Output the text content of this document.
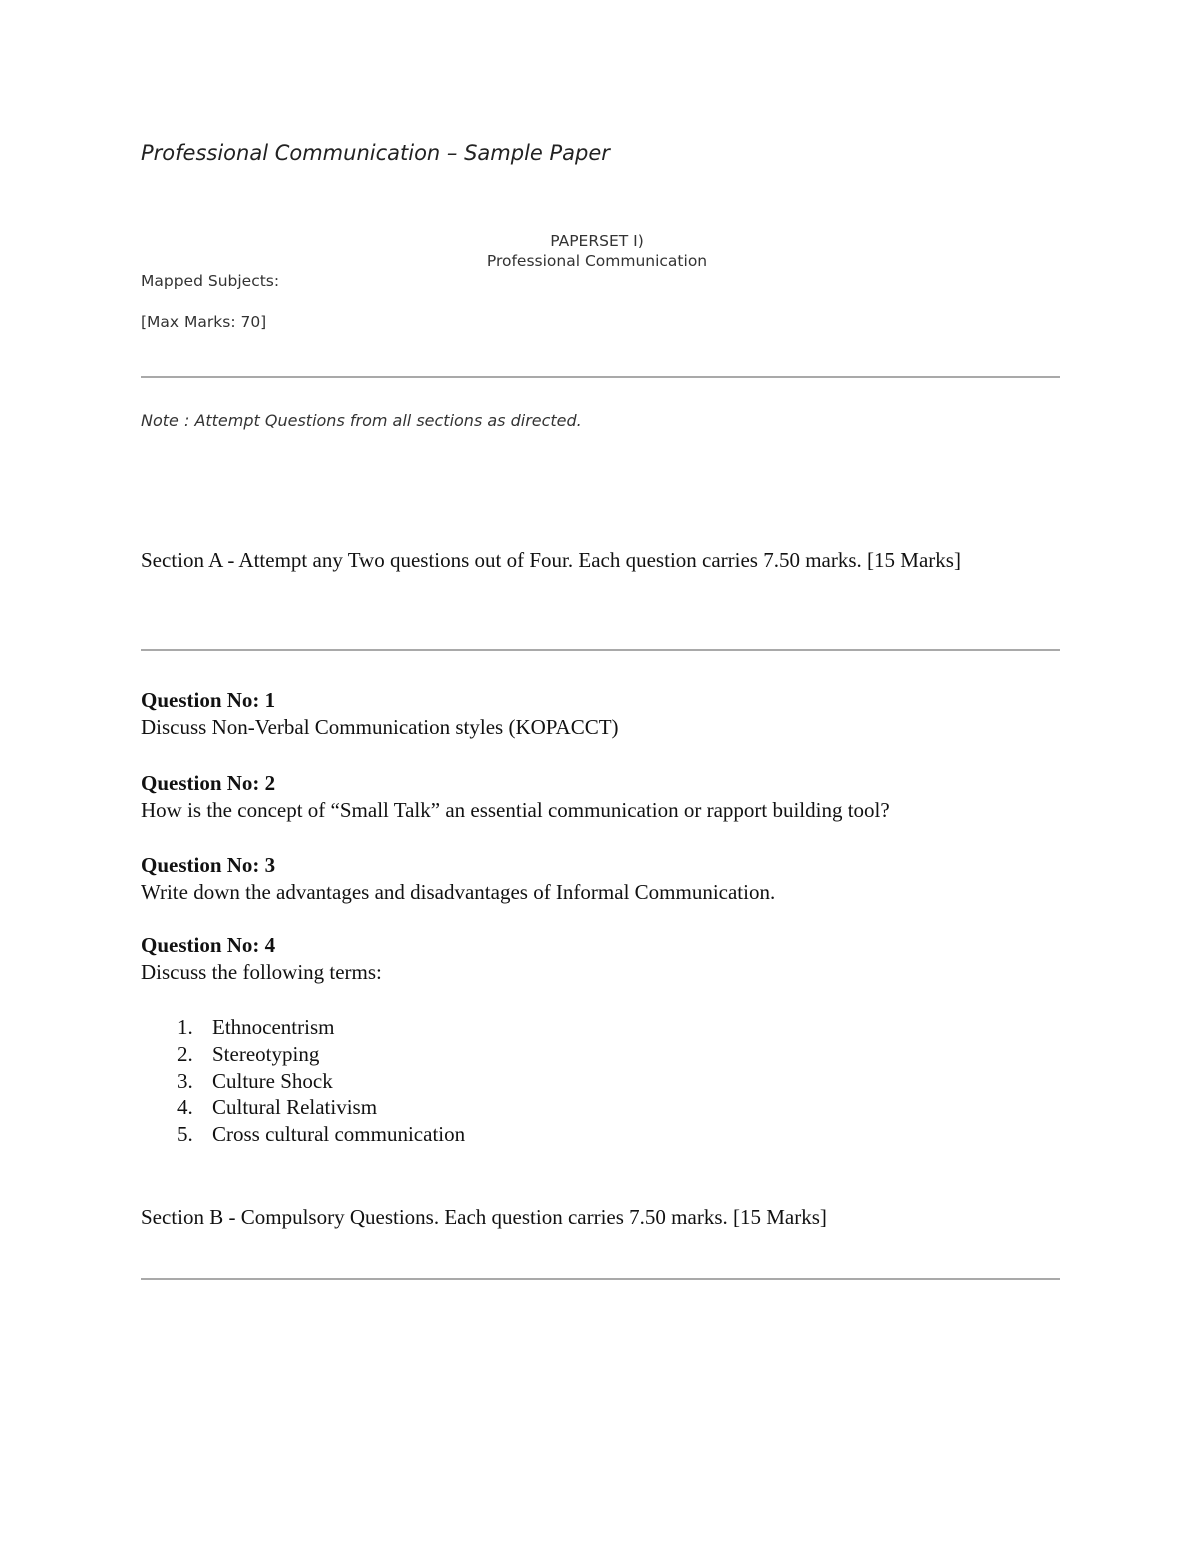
Professional Communication – Sample Paper
PAPERSET I)
Professional Communication
Mapped Subjects:
[Max Marks: 70]
Note : Attempt Questions from all sections as directed.
Section A - Attempt any Two questions out of Four. Each question carries 7.50 marks. [15 Marks]
Question No: 1
Discuss Non-Verbal Communication styles (KOPACCT)
Question No: 2
How is the concept of “Small Talk” an essential communication or rapport building tool?
Question No: 3
Write down the advantages and disadvantages of Informal Communication.
Question No: 4
Discuss the following terms:
1. Ethnocentrism
2. Stereotyping
3. Culture Shock
4. Cultural Relativism
5. Cross cultural communication
Section B - Compulsory Questions. Each question carries 7.50 marks. [15 Marks]
